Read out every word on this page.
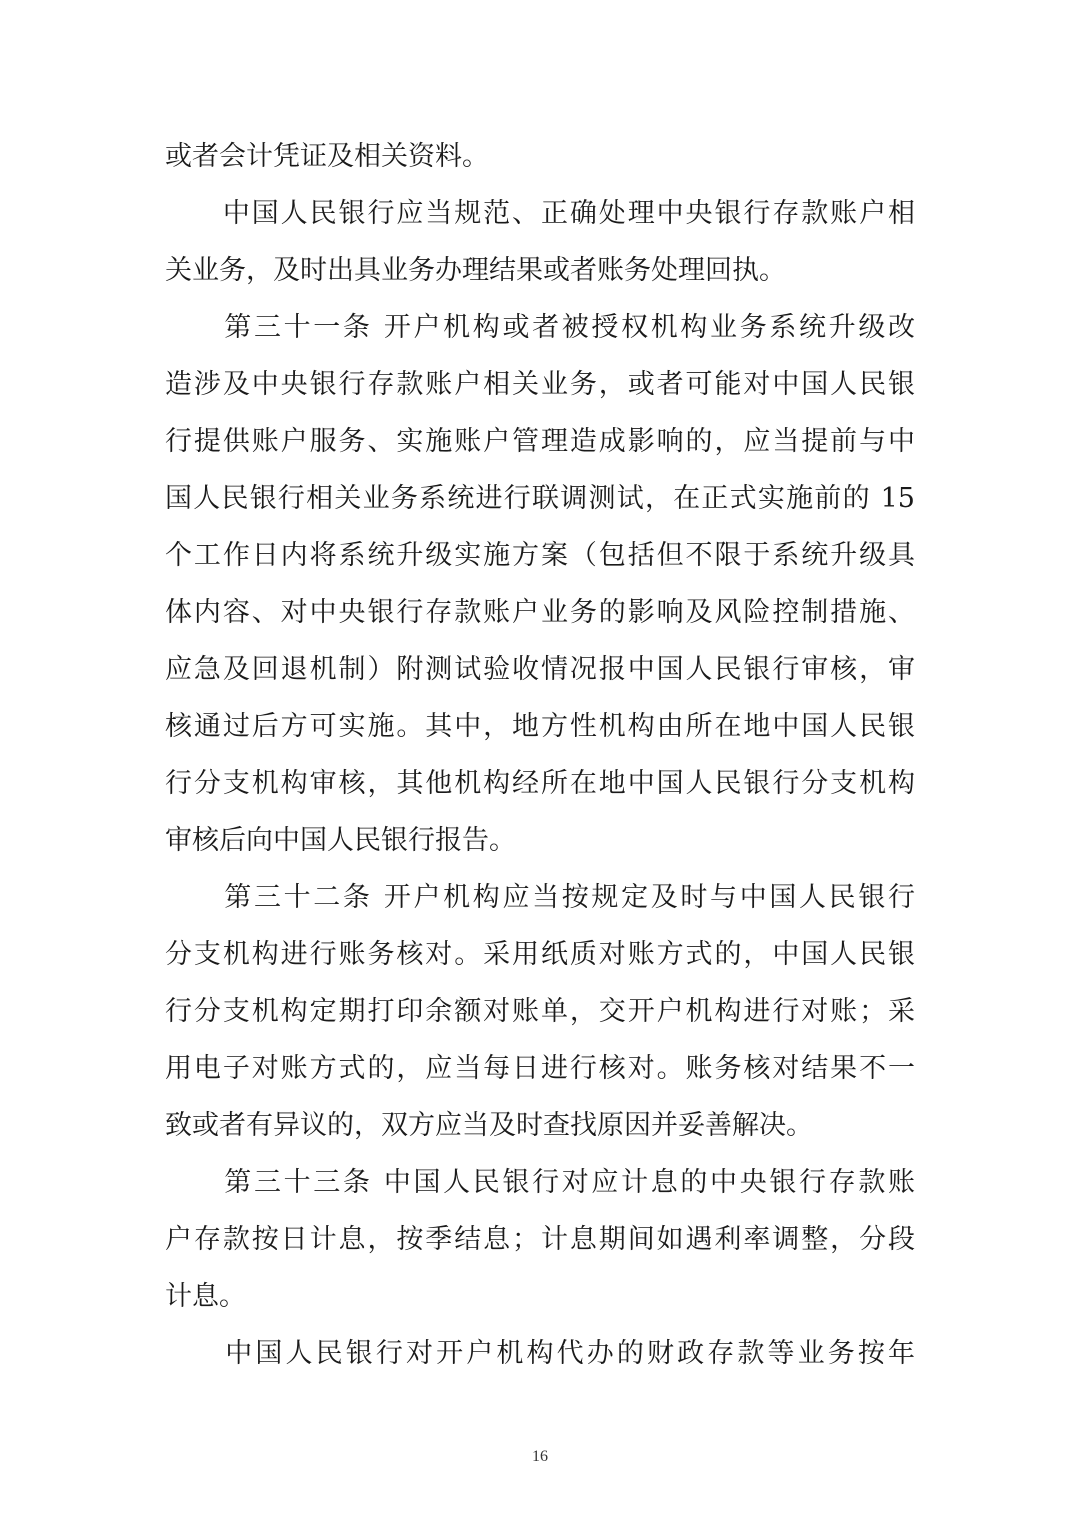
或者会计凭证及相关资料。
　　中国人民银行应当规范、正确处理中央银行存款账户相
关业务，及时出具业务办理结果或者账务处理回执。
　　第三十一条 开户机构或者被授权机构业务系统升级改
造涉及中央银行存款账户相关业务，或者可能对中国人民银
行提供账户服务、实施账户管理造成影响的，应当提前与中
国人民银行相关业务系统进行联调测试，在正式实施前的 15
个工作日内将系统升级实施方案（包括但不限于系统升级具
体内容、对中央银行存款账户业务的影响及风险控制措施、
应急及回退机制）附测试验收情况报中国人民银行审核，审
核通过后方可实施。其中，地方性机构由所在地中国人民银
行分支机构审核，其他机构经所在地中国人民银行分支机构
审核后向中国人民银行报告。
　　第三十二条 开户机构应当按规定及时与中国人民银行
分支机构进行账务核对。采用纸质对账方式的，中国人民银
行分支机构定期打印余额对账单，交开户机构进行对账；采
用电子对账方式的，应当每日进行核对。账务核对结果不一
致或者有异议的，双方应当及时查找原因并妥善解决。
　　第三十三条 中国人民银行对应计息的中央银行存款账
户存款按日计息，按季结息；计息期间如遇利率调整，分段
计息。
　　中国人民银行对开户机构代办的财政存款等业务按年
16
